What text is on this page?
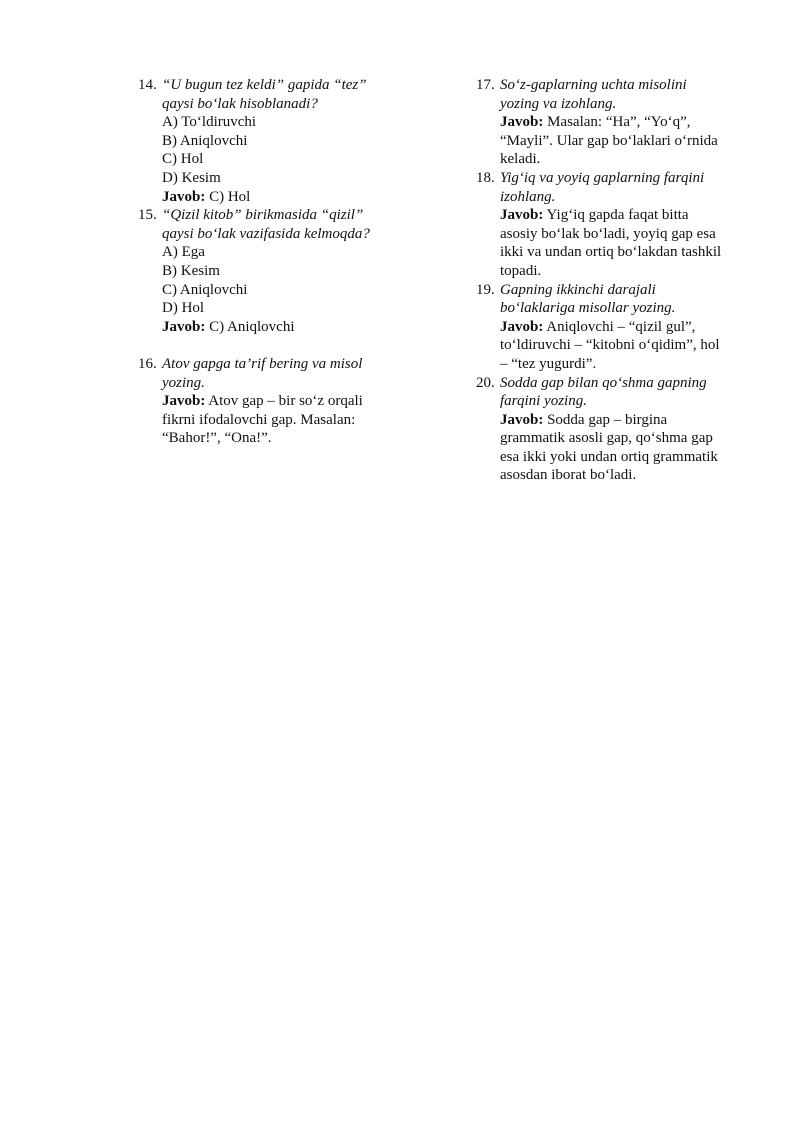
14. “U bugun tez keldi” gapida “tez”
qaysi bo‘lak hisoblanadi?
A) To‘ldiruvchi
B) Aniqlovchi
C) Hol
D) Kesim
Javob: C) Hol
15. “Qizil kitob” birikmasida “qizil”
qaysi bo‘lak vazifasida kelmoqda?
A) Ega
B) Kesim
C) Aniqlovchi
D) Hol
Javob: C) Aniqlovchi
16. Atov gapga ta’rif bering va misol
yozing.
Javob: Atov gap – bir so‘z orqali
fikrni ifodalovchi gap. Masalan:
“Bahor!”, “Ona!”.
17. So‘z-gaplarning uchta misolini
yozing va izohlang.
Javob: Masalan: “Ha”, “Yo‘q”,
“Mayli”. Ular gap bo‘laklari o‘rnida
keladi.
18. Yig‘iq va yoyiq gaplarning farqini
izohlang.
Javob: Yig‘iq gapda faqat bitta
asosiy bo‘lak bo‘ladi, yoyiq gap esa
ikki va undan ortiq bo‘lakdan tashkil
topadi.
19. Gapning ikkinchi darajali
bo‘laklariga misollar yozing.
Javob: Aniqlovchi – “qizil gul”,
to‘ldiruvchi – “kitobni o‘qidim”, hol
– “tez yugurdi”.
20. Sodda gap bilan qo‘shma gapning
farqini yozing.
Javob: Sodda gap – birgina
grammatik asosli gap, qo‘shma gap
esa ikki yoki undan ortiq grammatik
asosdan iborat bo‘ladi.
